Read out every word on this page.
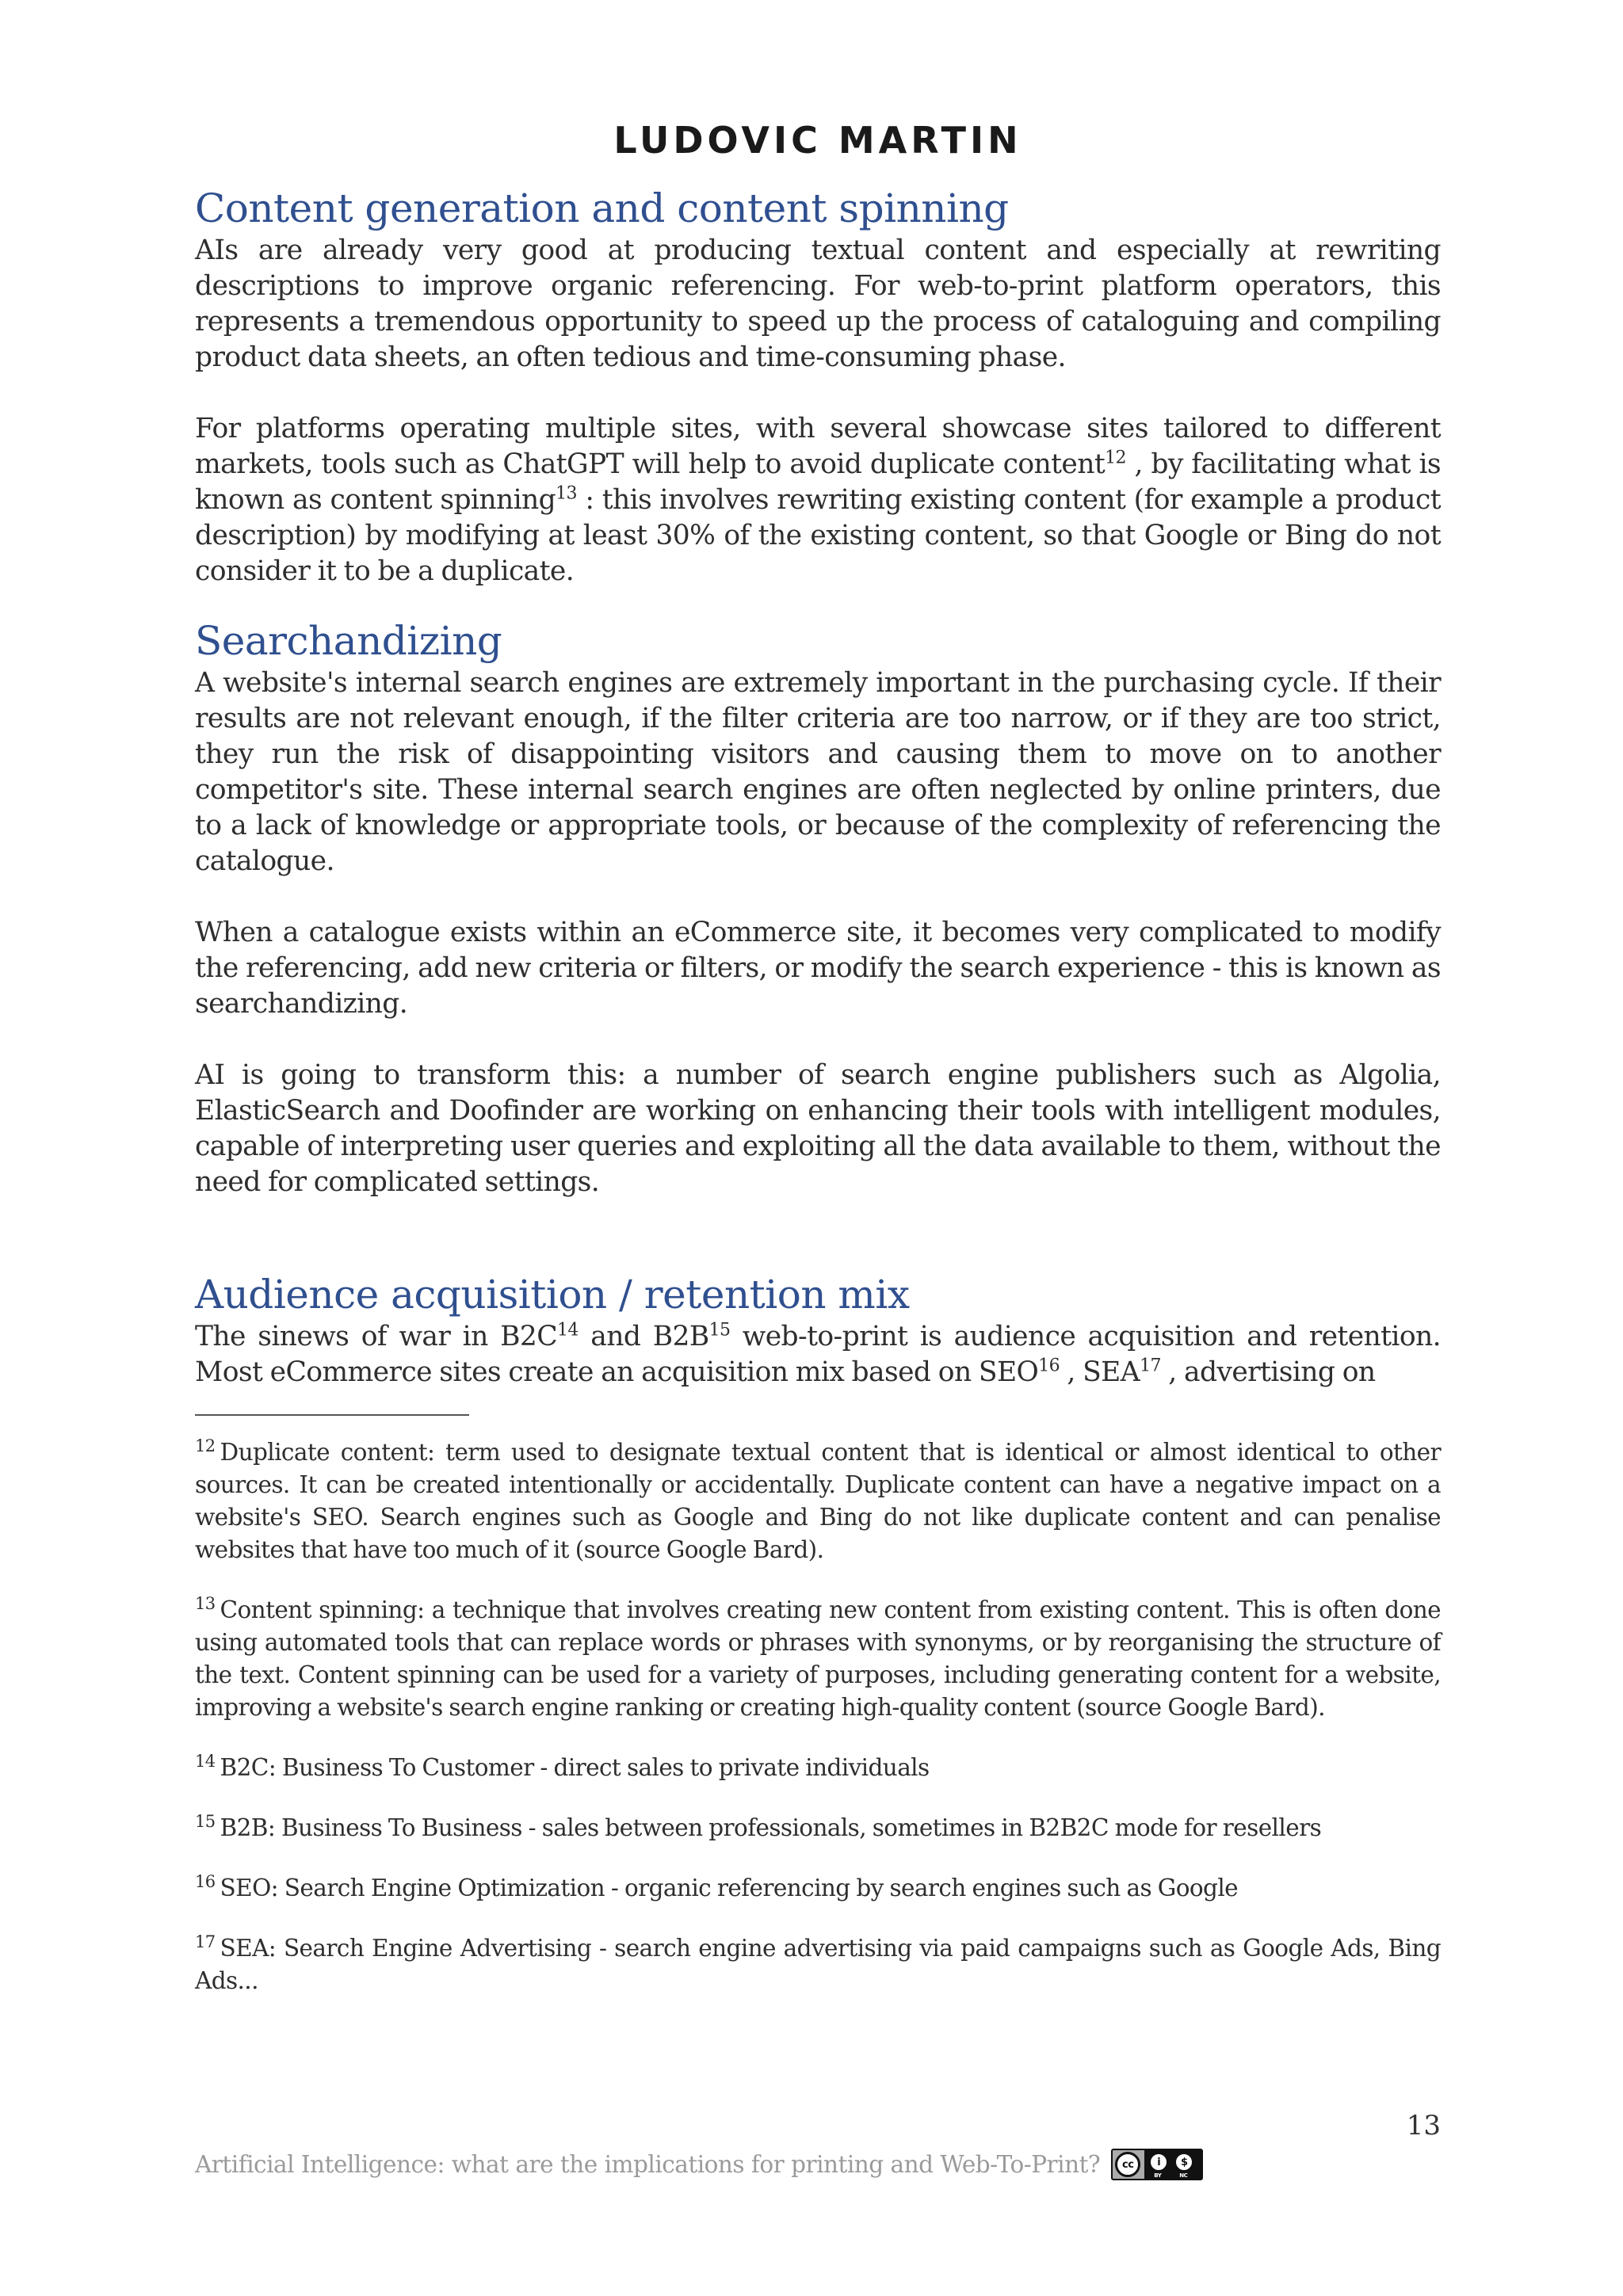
LUDOVIC MARTIN
Content generation and content spinning

AIs are already very good at producing textual content and especially at rewriting descriptions to improve organic referencing. For web-to-print platform operators, this represents a tremendous opportunity to speed up the process of cataloguing and compiling product data sheets, an often tedious and time-consuming phase.

For platforms operating multiple sites, with several showcase sites tailored to different markets, tools such as ChatGPT will help to avoid duplicate content$^{12}$ , by facilitating what is known as content spinning$^{13}$ : this involves rewriting existing content (for example a product description) by modifying at least 30% of the existing content, so that Google or Bing do not consider it to be a duplicate.

Searchandizing

A website's internal search engines are extremely important in the purchasing cycle. If their results are not relevant enough, if the filter criteria are too narrow, or if they are too strict, they run the risk of disappointing visitors and causing them to move on to another competitor's site. These internal search engines are often neglected by online printers, due to a lack of knowledge or appropriate tools, or because of the complexity of referencing the catalogue.

When a catalogue exists within an eCommerce site, it becomes very complicated to modify the referencing, add new criteria or filters, or modify the search experience - this is known as searchandizing.

AI is going to transform this: a number of search engine publishers such as Algolia, ElasticSearch and Doofinder are working on enhancing their tools with intelligent modules, capable of interpreting user queries and exploiting all the data available to them, without the need for complicated settings.

Audience acquisition / retention mix

The sinews of war in $B2C^{14}$ and $B2B^{15}$ web-to-print is audience acquisition and retention. Most eCommerce sites create an acquisition mix based on SEO$^{16}$ , SEA$^{17}$ , advertising on

$^{12}$ Duplicate content: term used to designate textual content that is identical or almost identical to other sources. It can be created intentionally or accidentally. Duplicate content can have a negative impact on a website's SEO. Search engines such as Google and Bing do not like duplicate content and can penalise websites that have too much of it (source Google Bard).

$^{13}$ Content spinning: a technique that involves creating new content from existing content. This is often done using automated tools that can replace words or phrases with synonyms, or by reorganising the structure of the text. Content spinning can be used for a variety of purposes, including generating content for a website, improving a website's search engine ranking or creating high-quality content (source Google Bard).

$^{14}$ B2C: Business To Customer - direct sales to private individuals

$^{15}$ B2B: Business To Business - sales between professionals, sometimes in B2B2C mode for resellers

$^{16}$ SEO: Search Engine Optimization - organic referencing by search engines such as Google

$^{17}$ SEA: Search Engine Advertising - search engine advertising via paid campaigns such as Google Ads, Bing Ads...

13
Artificial Intelligence: what are the implications for printing and Web-To-Print?	cc	i	$
BY	NC
